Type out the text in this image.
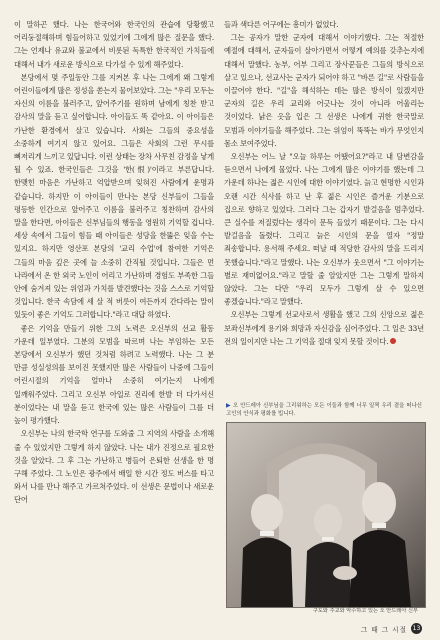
이 말하곤 했다. 나는 한국어와 한국인의 관습에 당황했고 어리둥절해하며 힘들어하고 있었기에 그에게 많은 질문을 했다. 그는 언제나 유교와 불교에서 비롯된 독특한 한국적인 가치들에 대해서 내가 새로운 방식으로 다가설 수 있게 해주었다.

본당에서 몇 주일동안 그를 지켜본 후 나는 그에게 왜 그렇게 어린이들에게 많은 정성을 쏟는지 물어보았다. 그는 "우리 모두는 자신의 이름을 불러주고, 앞어주기를 원하며 남에게 칭찬 받고 감사의 말을 듣고 싶어합니다. 아이들도 똑 같아요. 이 아이들은 가난한 환경에서 살고 있습니다. 사회는 그들의 중요성을 소중하게 여기지 않고 있어요. 그들은 사회의 그런 무시를 뼈저리게 느끼고 있답니다. 이런 상태는 장차 사무친 감정을 낳게 될 수 있죠. 한국인들은 그것을 '한(恨)'이라고 부른답니다. 한맺힌 마음은 가난하고 억압받으며 잊혀진 사람에게 운명과 같습니다. 하지만 이 아이들이 만나는 본당 신부들이 그들을 평등한 인간으로 앞어주고 이름을 불러주고 칭찬하며 감사의 말을 한다면, 아이들은 신부님들의 행동을 영원히 기억할 겁니다. 세상 속에서 그들이 힘들 때 아이들은 성당을 한뚫은 잊을 수는 있지요. 하지만 영산포 본당의 '교리 수업'에 참여한 기억은 그들의 마음 깊은 곳에 늘 소중히 간직될 것입니다. 그들은 먼 나라에서 온 한 외국 노인이 어리고 가난하며 경험도 부족한 그들 안에 숨겨져 있는 위엄과 가치를 발견했다는 것을 스스로 기억할 것입니다. 한국 속담에 세 살 적 버릇이 여든까지 간다라는 말이 있듯이 좋은 기억도 그러합니다."라고 대답 하였다.

좋은 기억을 만들기 위한 그의 노력은 오신부의 선교 활동 가운데 일부였다. 그분의 모범을 따르며 나는 부임하는 모든 본당에서 오신부가 했던 것처럼 하려고 노력했다. 나는 그 분 만큼 성실성의를 보이진 못했지만 많은 사람들이 나중에 그들이 어린시절의 기억을 얼마나 소중히 여기는지 나에게 일깨워주었다. 그리고 오신부 아일로 진리에 한발 더 다가서신 분이었다는 내 말을 듣고 한국에 있는 많은 사람들이 그를 더 높이 평가했다.

오신부는 나의 한국학 연구를 도와줄 그 지역의 사람을 소개해 줄 수 있었지만 그렇게 하지 않았다. 나는 내가 진정으로 필요한 것을 알았다. 그 후 그는 가난하고 병들어 은퇴한 선생을 한 명 구해 주었다. 그 노인은 광주에서 배일 한 시간 정도 버스를 타고 와서 나를 만나 해주고 가르쳐주었다. 이 선생은 문법이나 새로운 단어

들과 색다른 어구에는 흥미가 없었다.

그는 공자가 말한 군자에 대해서 이야기했다. 그는 적절한 예절에 대해서, 군자들이 살아가면서 어떻게 예의를 갖추는지에 대해서 말했다. 농부, 어부 그리고 장사꾼들은 그들의 방식으로 살고 있으나, 선교사는 군자가 되어야 하고 "바른 길"로 사람들을 이끌어야 한다. "길"을 해석하는 데는 많은 방식이 있겠지만 군자의 길은 우리 교리와 어긋나는 것이 아니라 어울리는 것이었다. 낡은 옷을 입은 그 선생은 나에게 귀한 한국말로 모범과 이야기들을 해주었다. 그는 위엄이 뚝뚝는 바가 무엇인지 몸소 보여주었다.

오신부는 어느 날 "오늘 하루는 어땠어요?"라고 내 담변감을 듣으면서 나에게 물었다. 나는 그에게 많은 이야기를 했는데 그 가운데 하나는 젊은 시인에 대한 이야기였다. 늙고 현명한 시인과 오랜 시간 식사를 하고 난 후 젊은 시인은 즐거운 기분으로 집으로 향하고 있었다. 그러다 그는 갑자기 발걸음을 멈추었다. 큰 실수를 저질렀다는 생각이 문득 들었기 때문이다. 그는 다시 발걸음을 돌렸다. 그리고 늙은 시인의 문을 열자 "정말 죄송합니다. 용서해 주세요. 떠날 때 적당한 감사의 말을 드리지 못했습니다."라고 말했다. 나는 오신부가 웃으면서 "그 이야기는 별로 재미없어요."라고 말할 줄 알았지만 그는 그렇게 말하지 않았다. 그는 다만 "우리 모두가 그렇게 살 수 있으면 좋겠습니다."라고 말했다.

오신부는 그렇게 선교사로서 생활을 했고 그의 신앙으로 젊은 보좌신부에게 용기와 희망과 자신감을 심어주었다. 그 일은 33년 전의 일이지만 나는 그 기억을 절대 잊지 못할 것이다.

▶ 오 안드레아 신부님을 그리워하는 모든 이들과 함께 너무 일찍 우리 곁을 떠나신 고인의 안식과 평화를 빕니다.
구도와 주교와 악수하고 있는 오 안드레아 신부
그 때 그 시절 13
